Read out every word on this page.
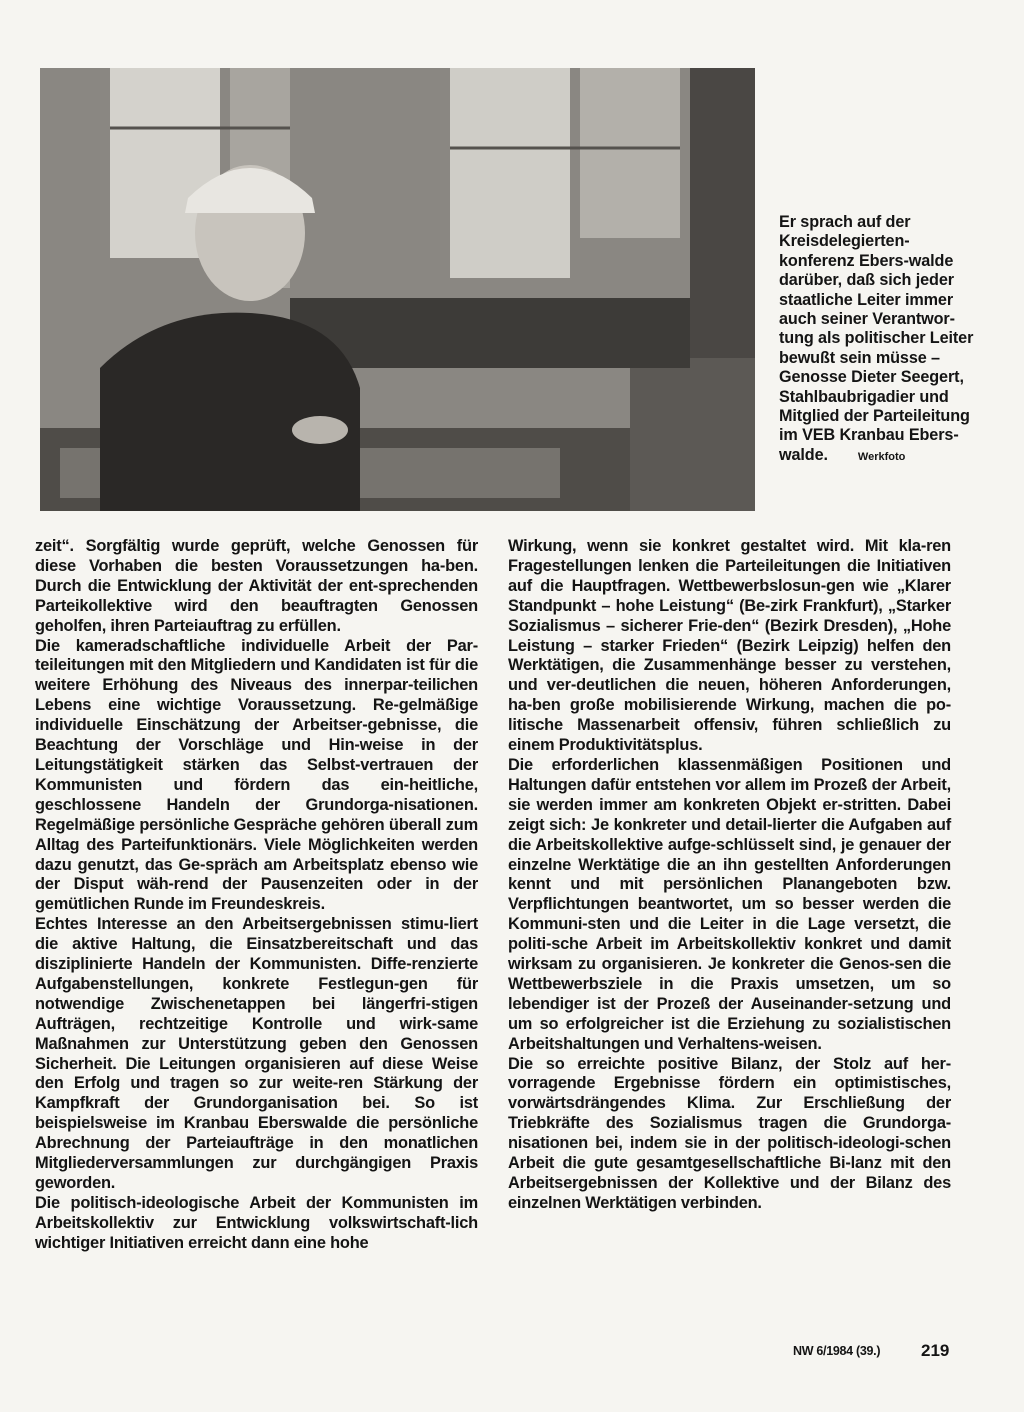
Er sprach auf der Kreisdelegierten-konferenz Ebers-walde darüber, daß sich jeder staatliche Leiter immer auch seiner Verantwor-tung als politischer Leiter bewußt sein müsse – Genosse Dieter Seegert, Stahlbaubrigadier und Mitglied der Parteileitung im VEB Kranbau Ebers-walde.	Werkfoto

zeit“. Sorgfältig wurde geprüft, welche Genossen für diese Vorhaben die besten Voraussetzungen ha-ben. Durch die Entwicklung der Aktivität der ent-sprechenden Parteikollektive wird den beauftragten Genossen geholfen, ihren Parteiauftrag zu erfüllen.

Die kameradschaftliche individuelle Arbeit der Par-teileitungen mit den Mitgliedern und Kandidaten ist für die weitere Erhöhung des Niveaus des innerpar-teilichen Lebens eine wichtige Voraussetzung. Re-gelmäßige individuelle Einschätzung der Arbeitser-gebnisse, die Beachtung der Vorschläge und Hin-weise in der Leitungstätigkeit stärken das Selbst-vertrauen der Kommunisten und fördern das ein-heitliche, geschlossene Handeln der Grundorga-nisationen. Regelmäßige persönliche Gespräche gehören überall zum Alltag des Parteifunktionärs. Viele Möglichkeiten werden dazu genutzt, das Ge-spräch am Arbeitsplatz ebenso wie der Disput wäh-rend der Pausenzeiten oder in der gemütlichen Runde im Freundeskreis.

Echtes Interesse an den Arbeitsergebnissen stimu-liert die aktive Haltung, die Einsatzbereitschaft und das disziplinierte Handeln der Kommunisten. Diffe-renzierte Aufgabenstellungen, konkrete Festlegun-gen für notwendige Zwischenetappen bei längerfri-stigen Aufträgen, rechtzeitige Kontrolle und wirk-same Maßnahmen zur Unterstützung geben den Genossen Sicherheit. Die Leitungen organisieren auf diese Weise den Erfolg und tragen so zur weite-ren Stärkung der Kampfkraft der Grundorganisation bei. So ist beispielsweise im Kranbau Eberswalde die persönliche Abrechnung der Parteiaufträge in den monatlichen Mitgliederversammlungen zur durchgängigen Praxis geworden.

Die politisch-ideologische Arbeit der Kommunisten im Arbeitskollektiv zur Entwicklung volkswirtschaft-lich wichtiger Initiativen erreicht dann eine hohe

Wirkung, wenn sie konkret gestaltet wird. Mit kla-ren Fragestellungen lenken die Parteileitungen die Initiativen auf die Hauptfragen. Wettbewerbslosun-gen wie „Klarer Standpunkt – hohe Leistung“ (Be-zirk Frankfurt), „Starker Sozialismus – sicherer Frie-den“ (Bezirk Dresden), „Hohe Leistung – starker Frieden“ (Bezirk Leipzig) helfen den Werktätigen, die Zusammenhänge besser zu verstehen, und ver-deutlichen die neuen, höheren Anforderungen, ha-ben große mobilisierende Wirkung, machen die po-litische Massenarbeit offensiv, führen schließlich zu einem Produktivitätsplus.

Die erforderlichen klassenmäßigen Positionen und Haltungen dafür entstehen vor allem im Prozeß der Arbeit, sie werden immer am konkreten Objekt er-stritten. Dabei zeigt sich: Je konkreter und detail-lierter die Aufgaben auf die Arbeitskollektive aufge-schlüsselt sind, je genauer der einzelne Werktätige die an ihn gestellten Anforderungen kennt und mit persönlichen Planangeboten bzw. Verpflichtungen beantwortet, um so besser werden die Kommuni-sten und die Leiter in die Lage versetzt, die politi-sche Arbeit im Arbeitskollektiv konkret und damit wirksam zu organisieren. Je konkreter die Genos-sen die Wettbewerbsziele in die Praxis umsetzen, um so lebendiger ist der Prozeß der Auseinander-setzung und um so erfolgreicher ist die Erziehung zu sozialistischen Arbeitshaltungen und Verhaltens-weisen.

Die so erreichte positive Bilanz, der Stolz auf her-vorragende Ergebnisse fördern ein optimistisches, vorwärtsdrängendes Klima. Zur Erschließung der Triebkräfte des Sozialismus tragen die Grundorga-nisationen bei, indem sie in der politisch-ideologi-schen Arbeit die gute gesamtgesellschaftliche Bi-lanz mit den Arbeitsergebnissen der Kollektive und der Bilanz des einzelnen Werktätigen verbinden.

NW 6/1984 (39.) 219
